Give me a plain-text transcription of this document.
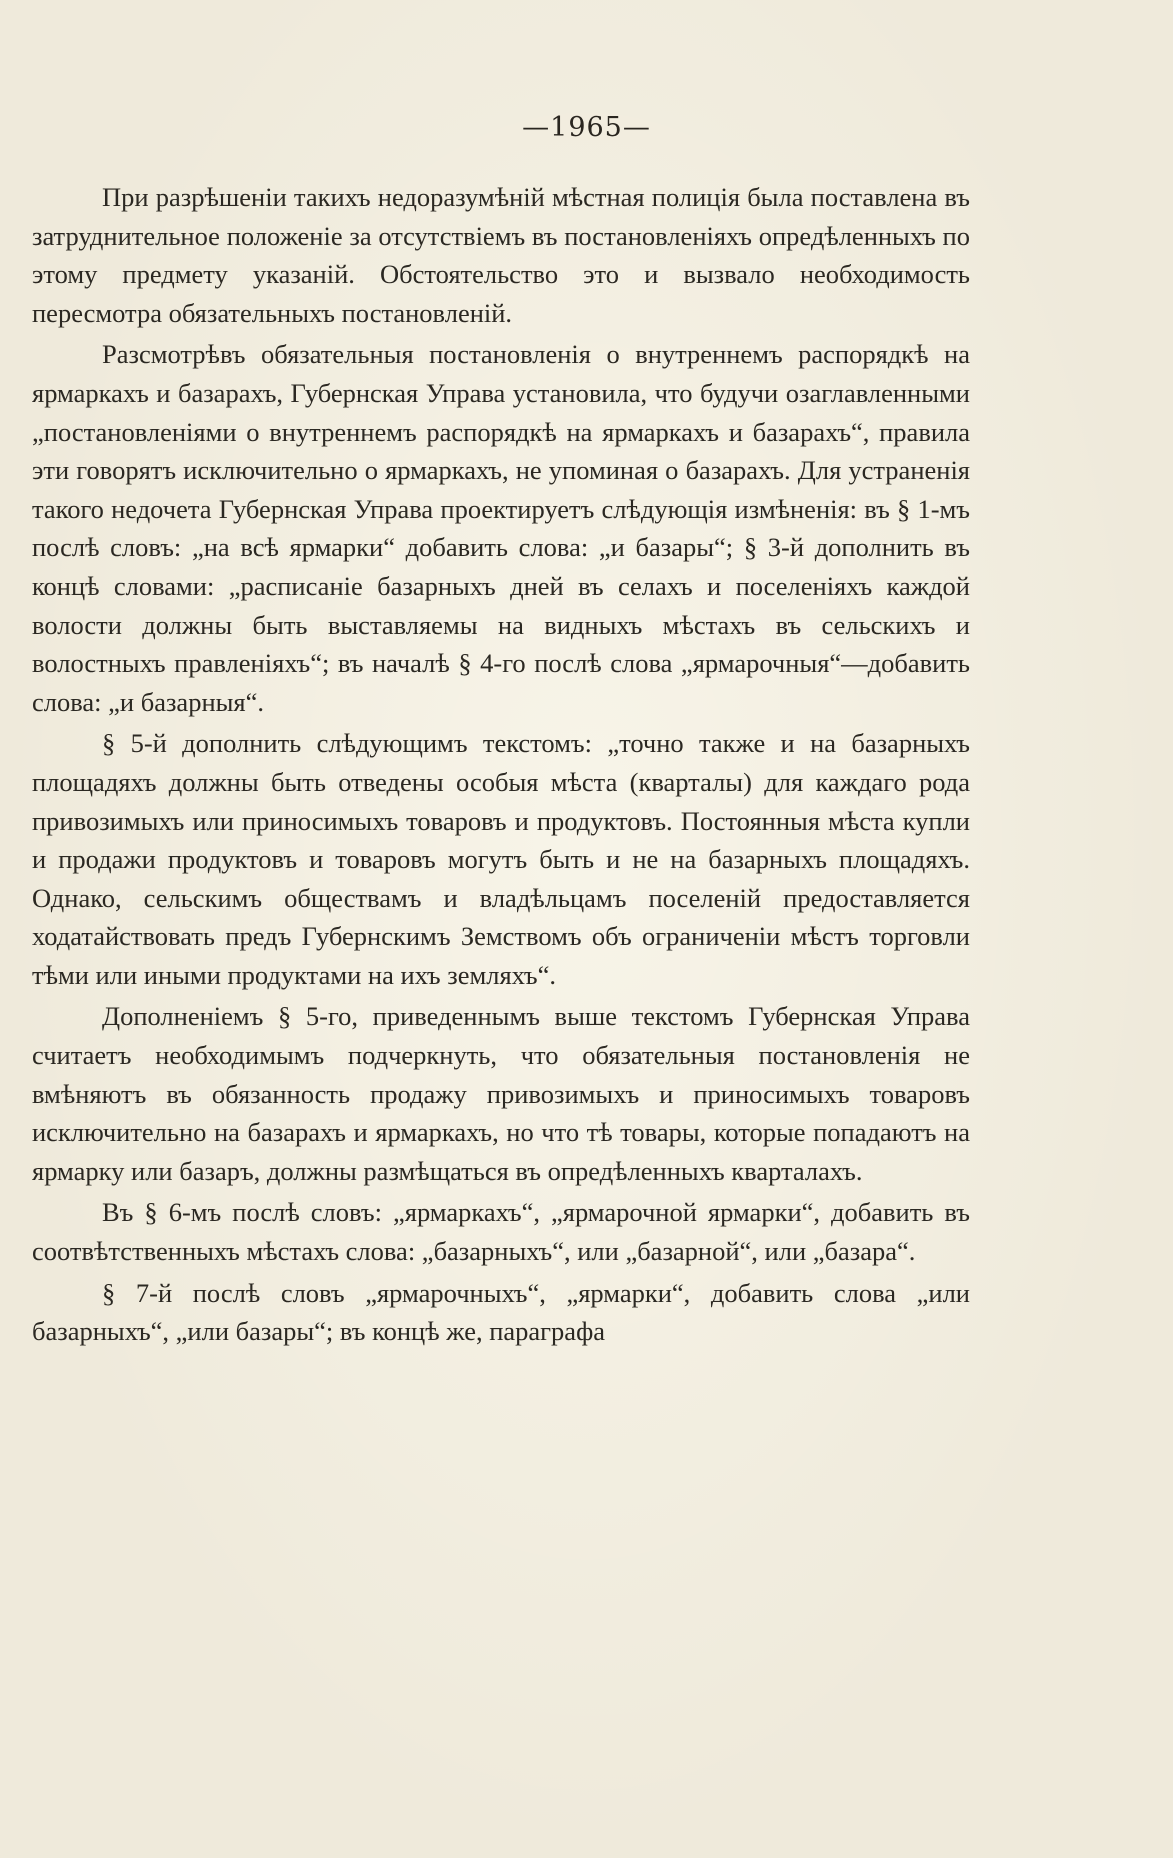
—1965—

При разрѣшеніи такихъ недоразумѣній мѣстная полиція была поставлена въ затруднительное положеніе за отсутствіемъ въ постановленіяхъ опредѣленныхъ по этому предмету указаній. Обстоятельство это и вызвало необходимость пересмотра обязательныхъ постановленій.

Разсмотрѣвъ обязательныя постановленія о внутреннемъ распорядкѣ на ярмаркахъ и базарахъ, Губернская Управа установила, что будучи озаглавленными „постановленіями о внутреннемъ распорядкѣ на ярмаркахъ и базарахъ“, правила эти говорятъ исключительно о ярмаркахъ, не упоминая о базарахъ. Для устраненія такого недочета Губернская Управа проектируетъ слѣдующія измѣненія: въ § 1-мъ послѣ словъ: „на всѣ ярмарки“ добавить слова: „и базары“; § 3-й дополнить въ концѣ словами: „расписаніе базарныхъ дней въ селахъ и поселеніяхъ каждой волости должны быть выставляемы на видныхъ мѣстахъ въ сельскихъ и волостныхъ правленіяхъ“; въ началѣ § 4-го послѣ слова „ярмарочныя“—добавить слова: „и базарныя“.

§ 5-й дополнить слѣдующимъ текстомъ: „точно также и на базарныхъ площадяхъ должны быть отведены особыя мѣста (кварталы) для каждаго рода привозимыхъ или приносимыхъ товаровъ и продуктовъ. Постоянныя мѣста купли и продажи продуктовъ и товаровъ могутъ быть и не на базарныхъ площадяхъ. Однако, сельскимъ обществамъ и владѣльцамъ поселеній предоставляется ходатайствовать предъ Губернскимъ Земствомъ объ ограниченіи мѣстъ торговли тѣми или иными продуктами на ихъ земляхъ“.

Дополненіемъ § 5-го, приведеннымъ выше текстомъ Губернская Управа считаетъ необходимымъ подчеркнуть, что обязательныя постановленія не вмѣняютъ въ обязанность продажу привозимыхъ и приносимыхъ товаровъ исключительно на базарахъ и ярмаркахъ, но что тѣ товары, которые попадаютъ на ярмарку или базаръ, должны размѣщаться въ опредѣленныхъ кварталахъ.

Въ § 6-мъ послѣ словъ: „ярмаркахъ“, „ярмарочной ярмарки“, добавить въ соотвѣтственныхъ мѣстахъ слова: „базарныхъ“, или „базарной“, или „базара“.

§ 7-й послѣ словъ „ярмарочныхъ“, „ярмарки“, добавить слова „или базарныхъ“, „или базары“; въ концѣ же, параграфа
